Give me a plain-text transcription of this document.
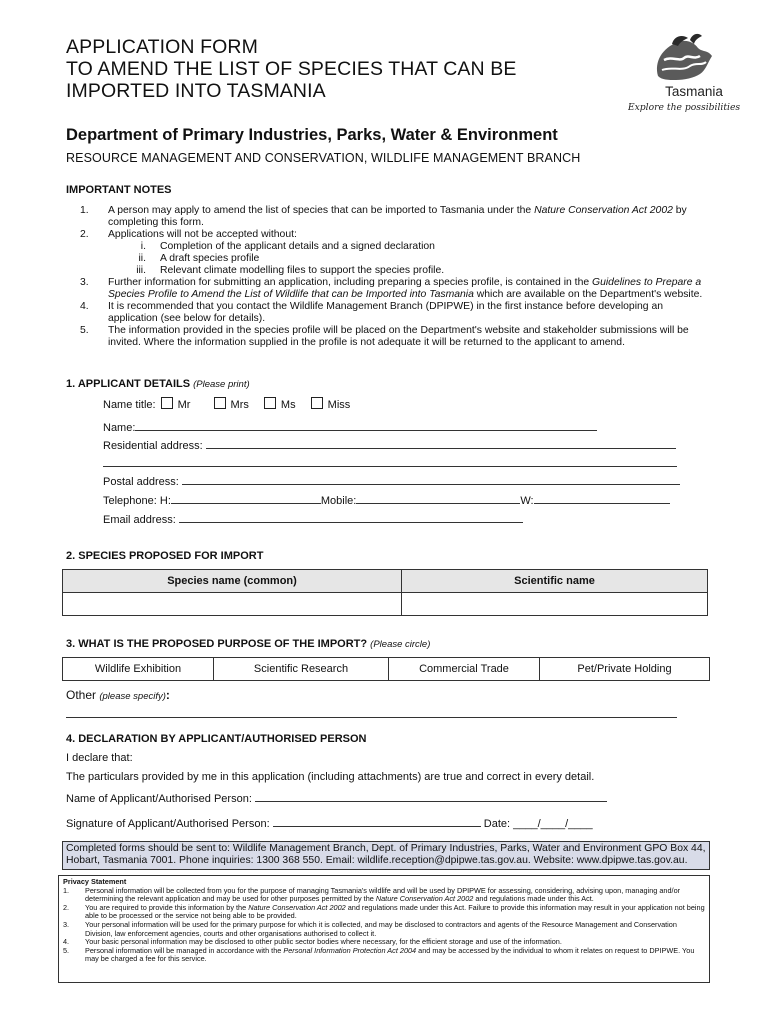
APPLICATION FORM
TO AMEND THE LIST OF SPECIES THAT CAN BE
IMPORTED INTO TASMANIA	Tasmania
Explore the possibilities
Department of Primary Industries, Parks, Water & Environment
RESOURCE MANAGEMENT AND CONSERVATION, WILDLIFE MANAGEMENT BRANCH
IMPORTANT NOTES
1.	A person may apply to amend the list of species that can be imported to Tasmania under the Nature Conservation Act 2002 by completing this form.
2.	Applications will not be accepted without:
i.	Completion of the applicant details and a signed declaration
ii.	A draft species profile
iii.	Relevant climate modelling files to support the species profile.
3.	Further information for submitting an application, including preparing a species profile, is contained in the Guidelines to Prepare a Species Profile to Amend the List of Wildlife that can be Imported into Tasmania which are available on the Department's website.
4.	It is recommended that you contact the Wildlife Management Branch (DPIPWE) in the first instance before developing an application (see below for details).
5.	The information provided in the species profile will be placed on the Department's website and stakeholder submissions will be invited. Where the information supplied in the profile is not adequate it will be returned to the applicant to amend.
1. APPLICANT DETAILS (Please print)
Name title: Mr	Mrs	Ms	Miss
Name:
Residential address:
Postal address:
Telephone: H:	Mobile:	W:
Email address:
2. SPECIES PROPOSED FOR IMPORT
Species name (common)	Scientific name

3. WHAT IS THE PROPOSED PURPOSE OF THE IMPORT? (Please circle)
Wildlife Exhibition	Scientific Research	Commercial Trade	Pet/Private Holding
Other (please specify):
4. DECLARATION BY APPLICANT/AUTHORISED PERSON
I declare that:
The particulars provided by me in this application (including attachments) are true and correct in every detail.
Name of Applicant/Authorised Person:
Signature of Applicant/Authorised Person:	Date: ____/____/____
Completed forms should be sent to: Wildlife Management Branch, Dept. of Primary Industries, Parks, Water and Environment GPO Box 44, Hobart, Tasmania 7001. Phone inquiries: 1300 368 550. Email: wildlife.reception@dpipwe.tas.gov.au. Website: www.dpipwe.tas.gov.au.
Privacy Statement
1.	Personal information will be collected from you for the purpose of managing Tasmania's wildlife and will be used by DPIPWE for assessing, considering, advising upon, managing and/or determining the relevant application and may be used for other purposes permitted by the Nature Conservation Act 2002 and regulations made under this Act.
2.	You are required to provide this information by the Nature Conservation Act 2002 and regulations made under this Act. Failure to provide this information may result in your application not being able to be processed or the service not being able to be provided.
3.	Your personal information will be used for the primary purpose for which it is collected, and may be disclosed to contractors and agents of the Resource Management and Conservation Division, law enforcement agencies, courts and other organisations authorised to collect it.
4.	Your basic personal information may be disclosed to other public sector bodies where necessary, for the efficient storage and use of the information.
5.	Personal information will be managed in accordance with the Personal Information Protection Act 2004 and may be accessed by the individual to whom it relates on request to DPIPWE. You may be charged a fee for this service.
